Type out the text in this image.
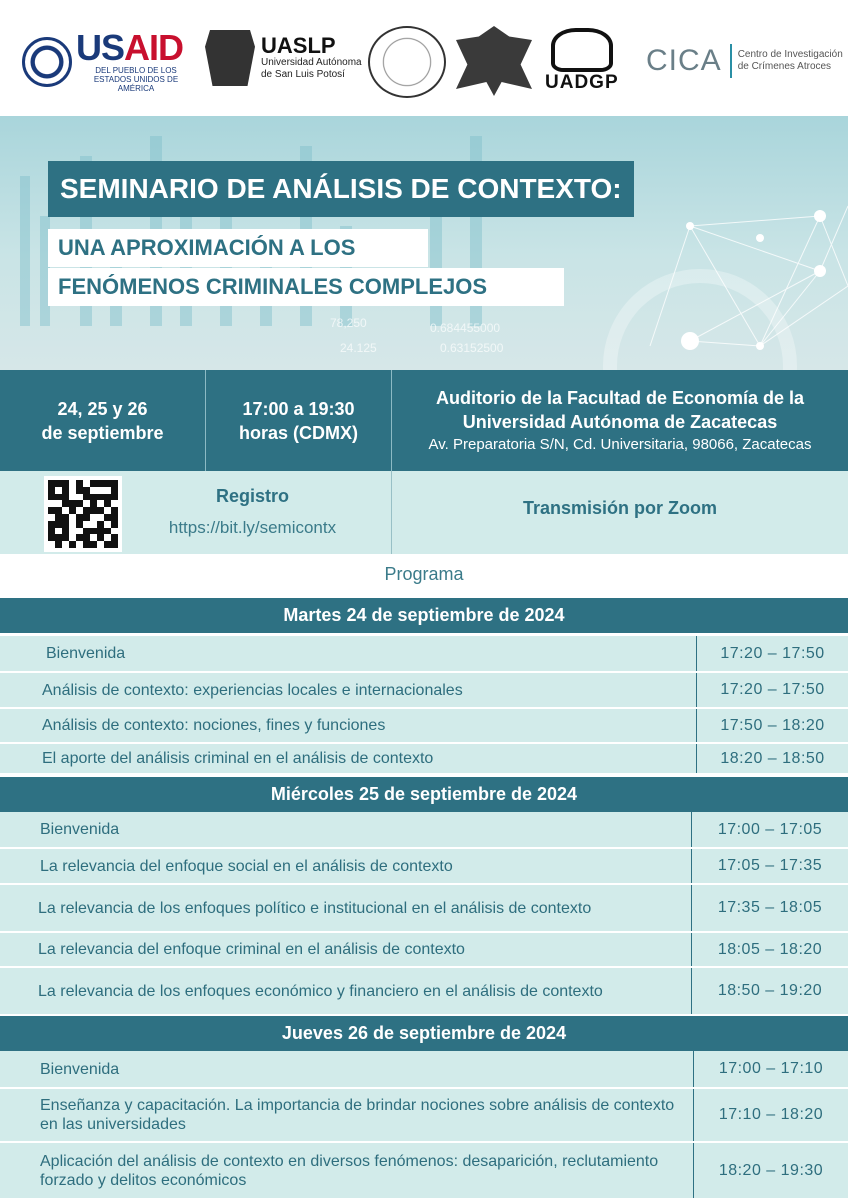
USAID
DEL PUEBLO DE LOS ESTADOS UNIDOS DE AMÉRICA
UASLP
Universidad Autónoma
de San Luis Potosí	UADGP
CICA	Centro de Investigación
de Crímenes Atroces
78,250	0.684455000
0.63152500
24.125
SEMINARIO DE ANÁLISIS DE CONTEXTO:
UNA APROXIMACIÓN A LOS
FENÓMENOS CRIMINALES COMPLEJOS
24, 25 y 26
de septiembre
17:00 a 19:30
horas (CDMX)
Auditorio de la Facultad de Economía de la
Universidad Autónoma de Zacatecas
Av. Preparatoria S/N, Cd. Universitaria, 98066, Zacatecas
Registro
https://bit.ly/semicontx
Transmisión por Zoom
Programa
Martes 24 de septiembre de 2024
Bienvenida	17:20 – 17:50
Análisis de contexto: experiencias locales e internacionales	17:20 – 17:50
Análisis de contexto: nociones, fines y funciones	17:50 – 18:20
El aporte del análisis criminal en el análisis de contexto	18:20 – 18:50
Miércoles 25 de septiembre de 2024
Bienvenida	17:00 – 17:05
La relevancia del enfoque social en el análisis de contexto	17:05 – 17:35
La relevancia de los enfoques político e institucional en el análisis de contexto	17:35 – 18:05
La relevancia del enfoque criminal en el análisis de contexto	18:05 – 18:20
La relevancia de los enfoques económico y financiero en el análisis de contexto	18:50 – 19:20
Jueves 26 de septiembre de 2024
Bienvenida	17:00 – 17:10
Enseñanza y capacitación. La importancia de brindar nociones sobre análisis de contexto en las universidades
17:10 – 18:20
Aplicación del análisis de contexto en diversos fenómenos: desaparición, reclutamiento forzado y delitos económicos
18:20 – 19:30
